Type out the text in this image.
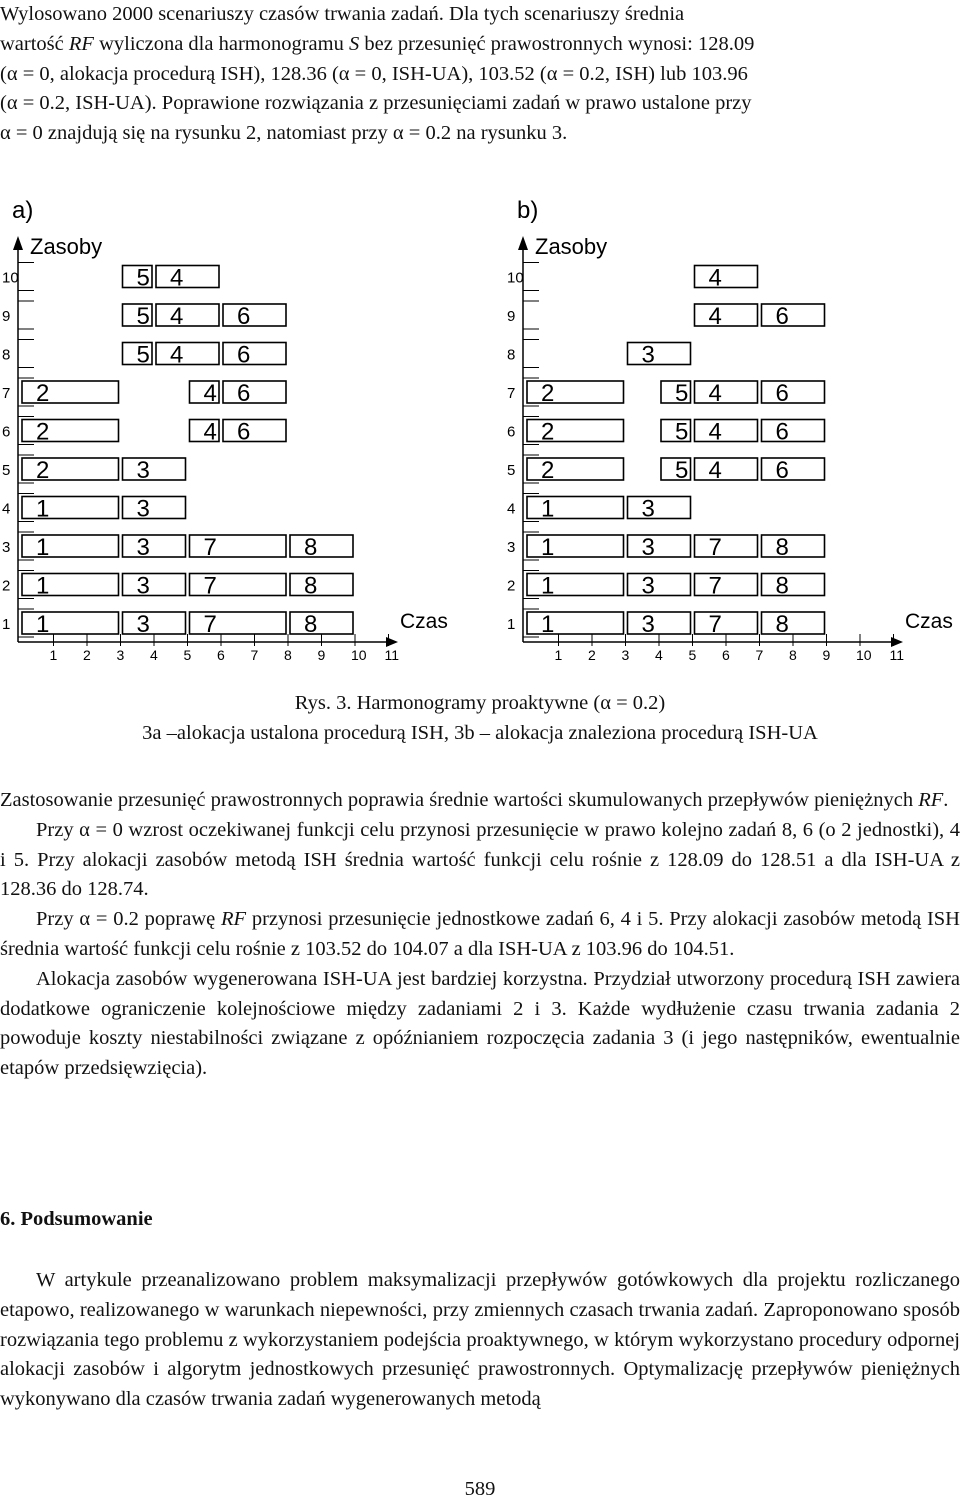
Wylosowano 2000 scenariuszy czasów trwania zadań. Dla tych scenariuszy średnia
wartość RF wyliczona dla harmonogramu S bez przesunięć prawostronnych wynosi: 128.09
(α = 0, alokacja procedurą ISH), 128.36 (α = 0, ISH-UA), 103.52 (α = 0.2, ISH) lub 103.96
(α = 0.2, ISH-UA). Poprawione rozwiązania z przesunięciami zadań w prawo ustalone przy
α = 0 znajdują się na rysunku 2, natomiast przy α = 0.2 na rysunku 3.
a)
Zasoby
Czas
1
2
3
4
5
6
7
8
9
10
1 2 3 4 5 6 7 8 9 10 11
5 4
5 4 6
5 4 6
2	4 6
2	4 6
2	3
1	3
1	3 7	8
1	3 7	8
1	3 7	8
b)
Zasoby
Czas
1
2
3
4
5
6
7
8
9
10
1 2 3 4 5 6 7 8 9 10 11
4
4 6
3
2	5 4 6
2	5 4 6
2	5 4 6
1	3
1	3 7 8
1	3 7 8
1	3 7 8
Rys. 3. Harmonogramy proaktywne (α = 0.2)
3a –alokacja ustalona procedurą ISH, 3b – alokacja znaleziona procedurą ISH-UA

Zastosowanie przesunięć prawostronnych poprawia średnie wartości skumulowanych przepływów pieniężnych RF.

Przy α = 0 wzrost oczekiwanej funkcji celu przynosi przesunięcie w prawo kolejno zadań 8, 6 (o 2 jednostki), 4 i 5. Przy alokacji zasobów metodą ISH średnia wartość funkcji celu rośnie z 128.09 do 128.51 a dla ISH-UA z 128.36 do 128.74.

Przy α = 0.2 poprawę RF przynosi przesunięcie jednostkowe zadań 6, 4 i 5. Przy alokacji zasobów metodą ISH średnia wartość funkcji celu rośnie z 103.52 do 104.07 a dla ISH-UA z 103.96 do 104.51.

Alokacja zasobów wygenerowana ISH-UA jest bardziej korzystna. Przydział utworzony procedurą ISH zawiera dodatkowe ograniczenie kolejnościowe między zadaniami 2 i 3. Każde wydłużenie czasu trwania zadania 2 powoduje koszty niestabilności związane z opóźnianiem rozpoczęcia zadania 3 (i jego następników, ewentualnie etapów przedsięwzięcia).

6. Podsumowanie

W artykule przeanalizowano problem maksymalizacji przepływów gotówkowych dla projektu rozliczanego etapowo, realizowanego w warunkach niepewności, przy zmiennych czasach trwania zadań. Zaproponowano sposób rozwiązania tego problemu z wykorzystaniem podejścia proaktywnego, w którym wykorzystano procedury odpornej alokacji zasobów i algorytm jednostkowych przesunięć prawostronnych. Optymalizację przepływów pieniężnych wykonywano dla czasów trwania zadań wygenerowanych metodą

589
